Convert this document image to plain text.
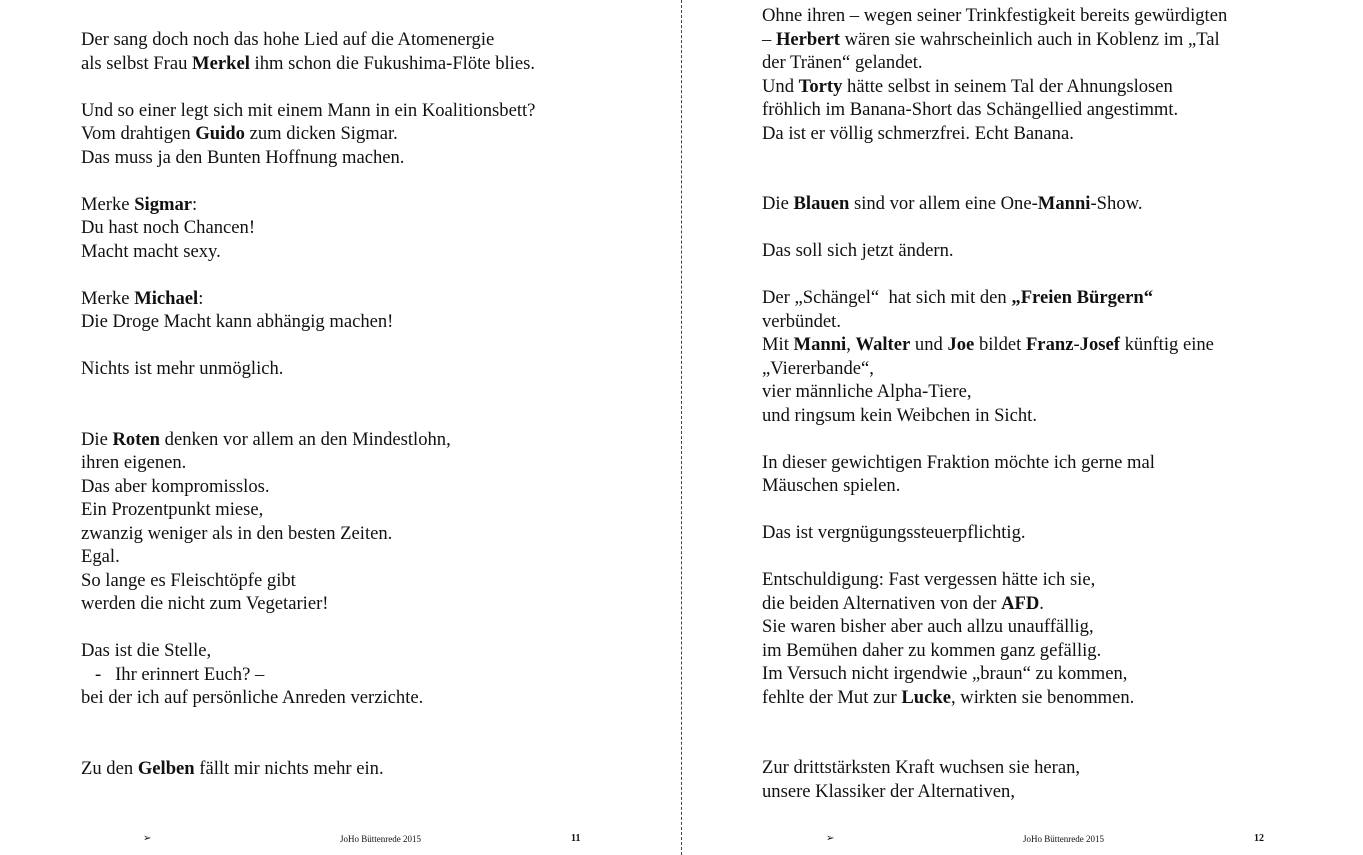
Der sang doch noch das hohe Lied auf die Atomenergie
als selbst Frau Merkel ihm schon die Fukushima-Flöte blies.
Und so einer legt sich mit einem Mann in ein Koalitionsbett?
Vom drahtigen Guido zum dicken Sigmar.
Das muss ja den Bunten Hoffnung machen.
Merke Sigmar:
Du hast noch Chancen!
Macht macht sexy.
Merke Michael:
Die Droge Macht kann abhängig machen!
Nichts ist mehr unmöglich.
Die Roten denken vor allem an den Mindestlohn,
ihren eigenen.
Das aber kompromisslos.
Ein Prozentpunkt miese,
zwanzig weniger als in den besten Zeiten.
Egal.
So lange es Fleischtöpfe gibt
werden die nicht zum Vegetarier!
Das ist die Stelle,
-   Ihr erinnert Euch? –
bei der ich auf persönliche Anreden verzichte.
Zu den Gelben fällt mir nichts mehr ein.
➢	JoHo Büttenrede 2015	11
Ohne ihren – wegen seiner Trinkfestigkeit bereits gewürdigten
– Herbert wären sie wahrscheinlich auch in Koblenz im „Tal
der Tränen“ gelandet.
Und Torty hätte selbst in seinem Tal der Ahnungslosen
fröhlich im Banana-Short das Schängellied angestimmt.
Da ist er völlig schmerzfrei. Echt Banana.
Die Blauen sind vor allem eine One-Manni-Show.
Das soll sich jetzt ändern.
Der „Schängel“  hat sich mit den „Freien Bürgern“
verbündet.
Mit Manni, Walter und Joe bildet Franz-Josef künftig eine
„Viererbande“,
vier männliche Alpha-Tiere,
und ringsum kein Weibchen in Sicht.
In dieser gewichtigen Fraktion möchte ich gerne mal
Mäuschen spielen.
Das ist vergnügungssteuerpflichtig.
Entschuldigung: Fast vergessen hätte ich sie,
die beiden Alternativen von der AFD.
Sie waren bisher aber auch allzu unauffällig,
im Bemühen daher zu kommen ganz gefällig.
Im Versuch nicht irgendwie „braun“ zu kommen,
fehlte der Mut zur Lucke, wirkten sie benommen.
Zur drittstärksten Kraft wuchsen sie heran,
unsere Klassiker der Alternativen,
➢	JoHo Büttenrede 2015	12
